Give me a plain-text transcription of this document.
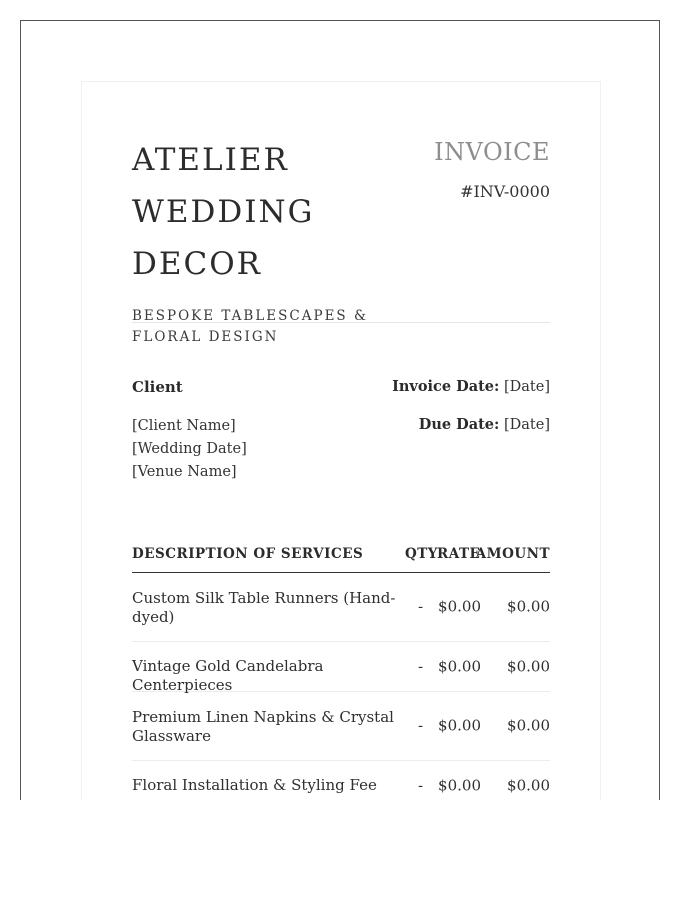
ATELIER
WEDDING DECOR
BESPOKE TABLESCAPES & FLORAL DESIGN
INVOICE
#INV-0000
Client
[Client Name]
[Wedding Date]
[Venue Name]
Invoice Date: [Date]
Due Date: [Date]
DESCRIPTION OF SERVICES	QTY RATE
AMOUNT
Custom Silk Table Runners (Hand-dyed)
- $0.00 $0.00
Vintage Gold Candelabra Centerpieces
- $0.00 $0.00
Premium Linen Napkins & Crystal Glassware
- $0.00 $0.00
Floral Installation & Styling Fee	- $0.00 $0.00
